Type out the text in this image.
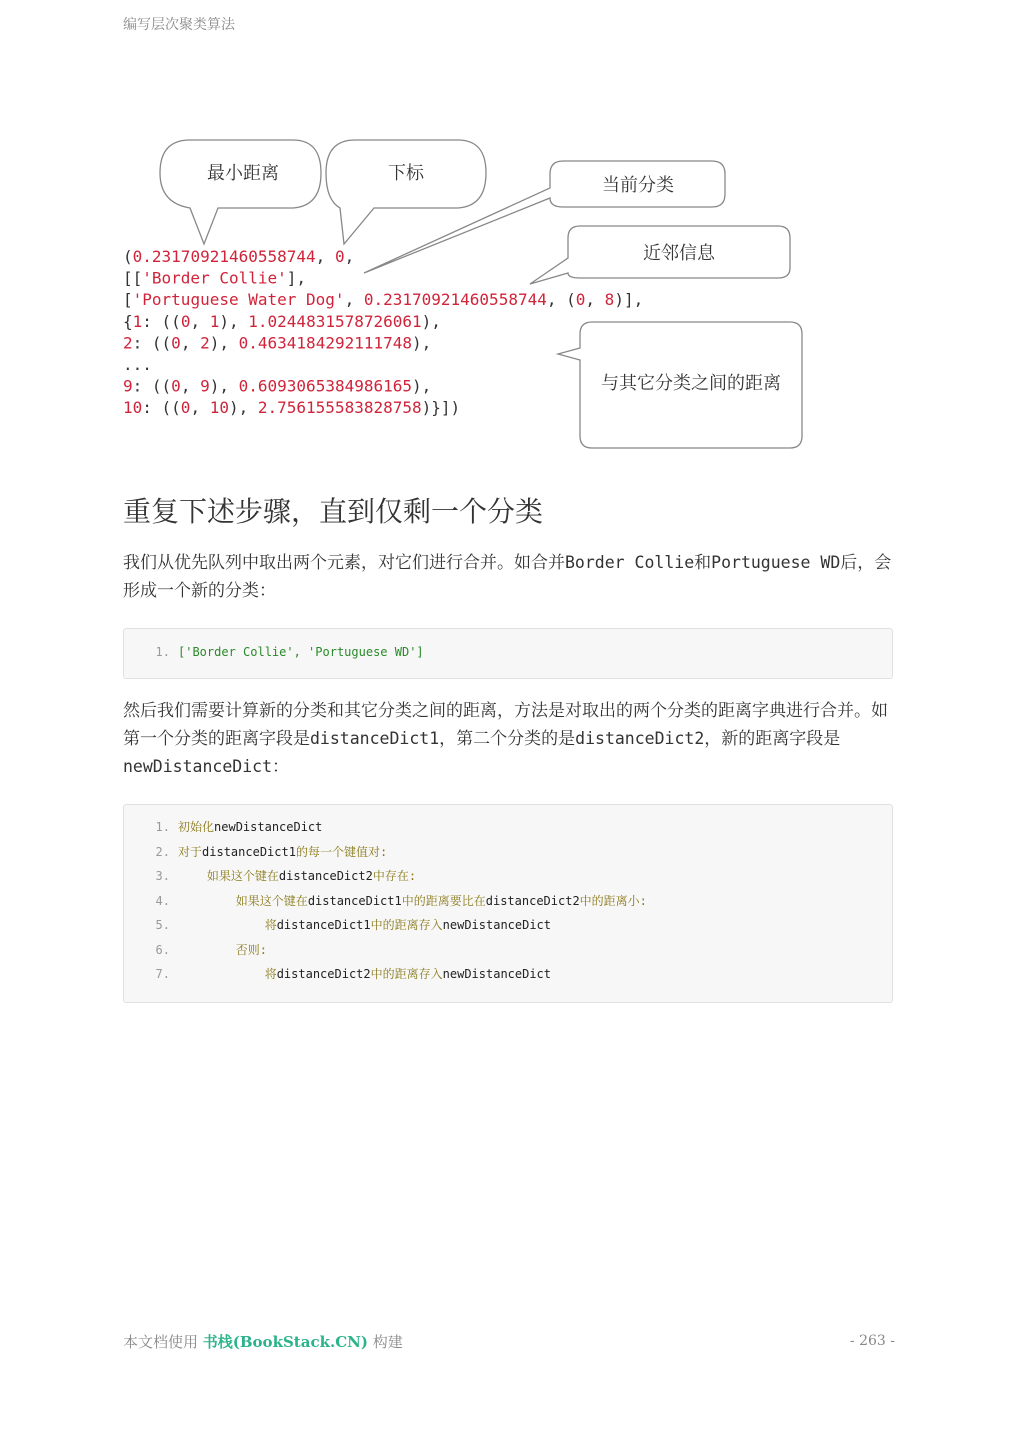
编写层次聚类算法
最小距离	下标
当前分类
近邻信息
与其它分类之间的距离
(0.23170921460558744, 0,
[['Border Collie'],
['Portuguese Water Dog', 0.23170921460558744, (0, 8)],
{1: ((0, 1), 1.0244831578726061),
2: ((0, 2), 0.4634184292111748),
...
9: ((0, 9), 0.6093065384986165),
10: ((0, 10), 2.756155583828758)}])
重复下述步骤，直到仅剩一个分类

我们从优先队列中取出两个元素，对它们进行合并。如合并Border Collie和Portuguese WD后，会形成一个新的分类：

1. ['Border Collie', 'Portuguese WD']

然后我们需要计算新的分类和其它分类之间的距离，方法是对取出的两个分类的距离字典进行合并。如第一个分类的距离字段是distanceDict1，第二个分类的是distanceDict2，新的距离字段是newDistanceDict：

1. 初始化 newDistanceDict
2. 对于 distanceDict1 的每一个键值对:
3. 如果这个键在 distanceDict2 中存在:
4. 如果这个键在 distanceDict1 中的距离要比在 distanceDict2 中的距离小:
5. 将 distanceDict1 中的距离存入 newDistanceDict
6. 否则:
7. 将 distanceDict2 中的距离存入 newDistanceDict
本文档使用 书栈(BookStack.CN) 构建	- 263 -
